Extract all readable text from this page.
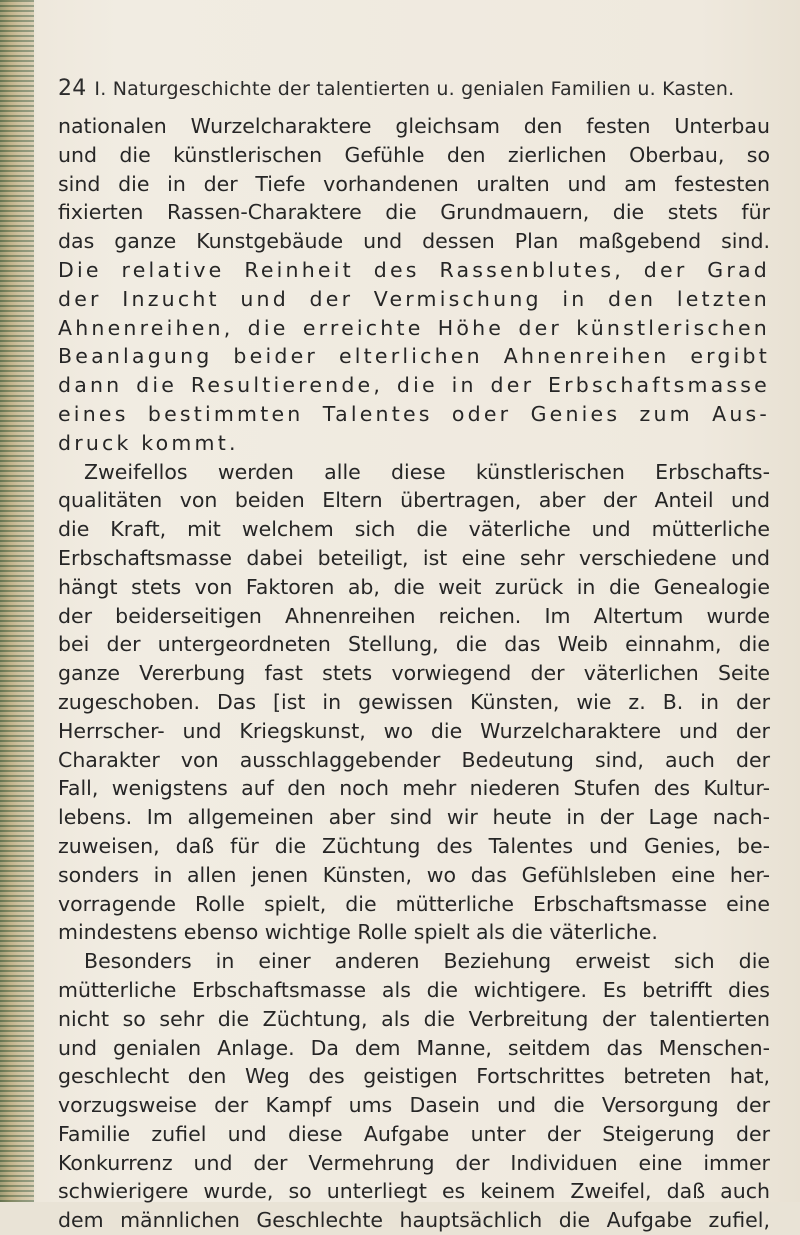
24 I. Naturgeschichte der talentierten u. genialen Familien u. Kasten.
nationalen Wurzelcharaktere gleichsam den festen Unterbau
und die künstlerischen Gefühle den zierlichen Oberbau, so
sind die in der Tiefe vorhandenen uralten und am festesten
fixierten Rassen-Charaktere die Grundmauern, die stets für
das ganze Kunstgebäude und dessen Plan maßgebend sind.
Die relative Reinheit des Rassenblutes, der Grad
der Inzucht und der Vermischung in den letzten
Ahnenreihen, die erreichte Höhe der künstlerischen
Beanlagung beider elterlichen Ahnenreihen ergibt
dann die Resultierende, die in der Erbschaftsmasse
eines bestimmten Talentes oder Genies zum Aus-
druck kommt.
Zweifellos werden alle diese künstlerischen Erbschafts-
qualitäten von beiden Eltern übertragen, aber der Anteil und
die Kraft, mit welchem sich die väterliche und mütterliche
Erbschaftsmasse dabei beteiligt, ist eine sehr verschiedene und
hängt stets von Faktoren ab, die weit zurück in die Genealogie
der beiderseitigen Ahnenreihen reichen. Im Altertum wurde
bei der untergeordneten Stellung, die das Weib einnahm, die
ganze Vererbung fast stets vorwiegend der väterlichen Seite
zugeschoben. Das [ist in gewissen Künsten, wie z. B. in der
Herrscher- und Kriegskunst, wo die Wurzelcharaktere und der
Charakter von ausschlaggebender Bedeutung sind, auch der
Fall, wenigstens auf den noch mehr niederen Stufen des Kultur-
lebens. Im allgemeinen aber sind wir heute in der Lage nach-
zuweisen, daß für die Züchtung des Talentes und Genies, be-
sonders in allen jenen Künsten, wo das Gefühlsleben eine her-
vorragende Rolle spielt, die mütterliche Erbschaftsmasse eine
mindestens ebenso wichtige Rolle spielt als die väterliche.
Besonders in einer anderen Beziehung erweist sich die
mütterliche Erbschaftsmasse als die wichtigere. Es betrifft dies
nicht so sehr die Züchtung, als die Verbreitung der talentierten
und genialen Anlage. Da dem Manne, seitdem das Menschen-
geschlecht den Weg des geistigen Fortschrittes betreten hat,
vorzugsweise der Kampf ums Dasein und die Versorgung der
Familie zufiel und diese Aufgabe unter der Steigerung der
Konkurrenz und der Vermehrung der Individuen eine immer
schwierigere wurde, so unterliegt es keinem Zweifel, daß auch
dem männlichen Geschlechte hauptsächlich die Aufgabe zufiel,
